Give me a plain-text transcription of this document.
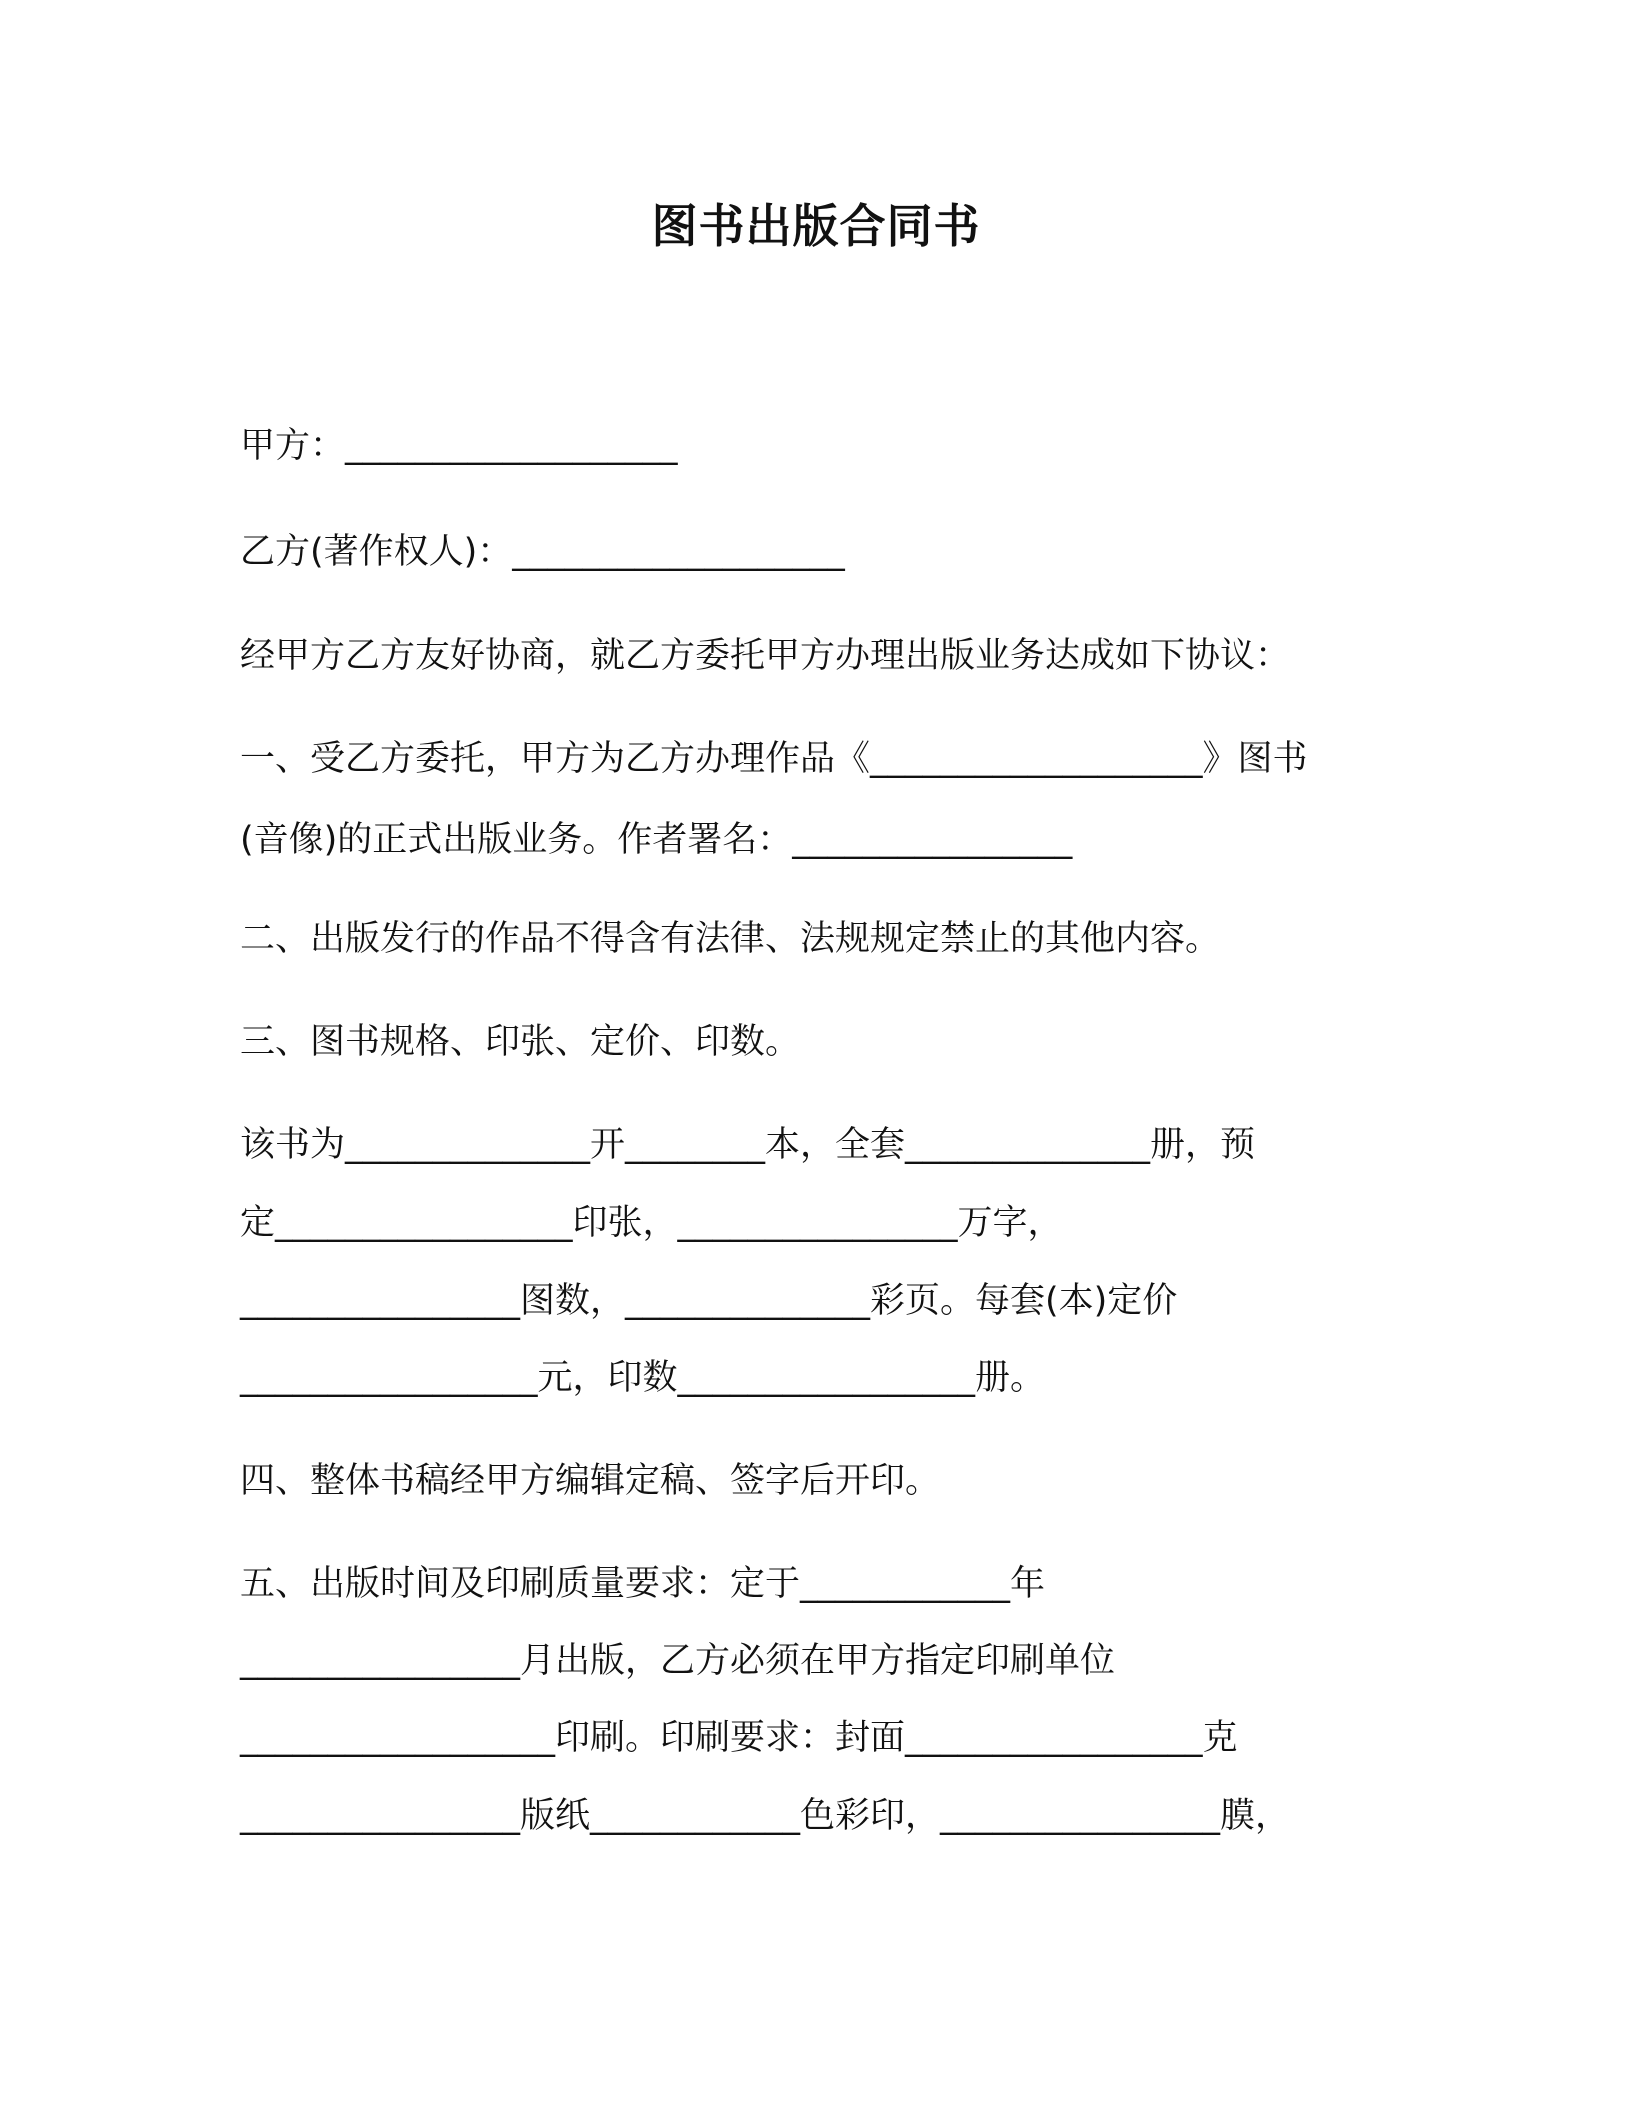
图书出版合同书
甲方：___________________
乙方(著作权人)：___________________
经甲方乙方友好协商，就乙方委托甲方办理出版业务达成如下协议：
一、受乙方委托，甲方为乙方办理作品《___________________》图书
(音像)的正式出版业务。作者署名：________________
二、出版发行的作品不得含有法律、法规规定禁止的其他内容。
三、图书规格、印张、定价、印数。
该书为______________开________本，全套______________册，预
定_________________印张，________________万字，
________________图数，______________彩页。每套(本)定价
_________________元，印数_________________册。
四、整体书稿经甲方编辑定稿、签字后开印。
五、出版时间及印刷质量要求：定于____________年
________________月出版，乙方必须在甲方指定印刷单位
__________________印刷。印刷要求：封面_________________克
________________版纸____________色彩印，________________膜，
